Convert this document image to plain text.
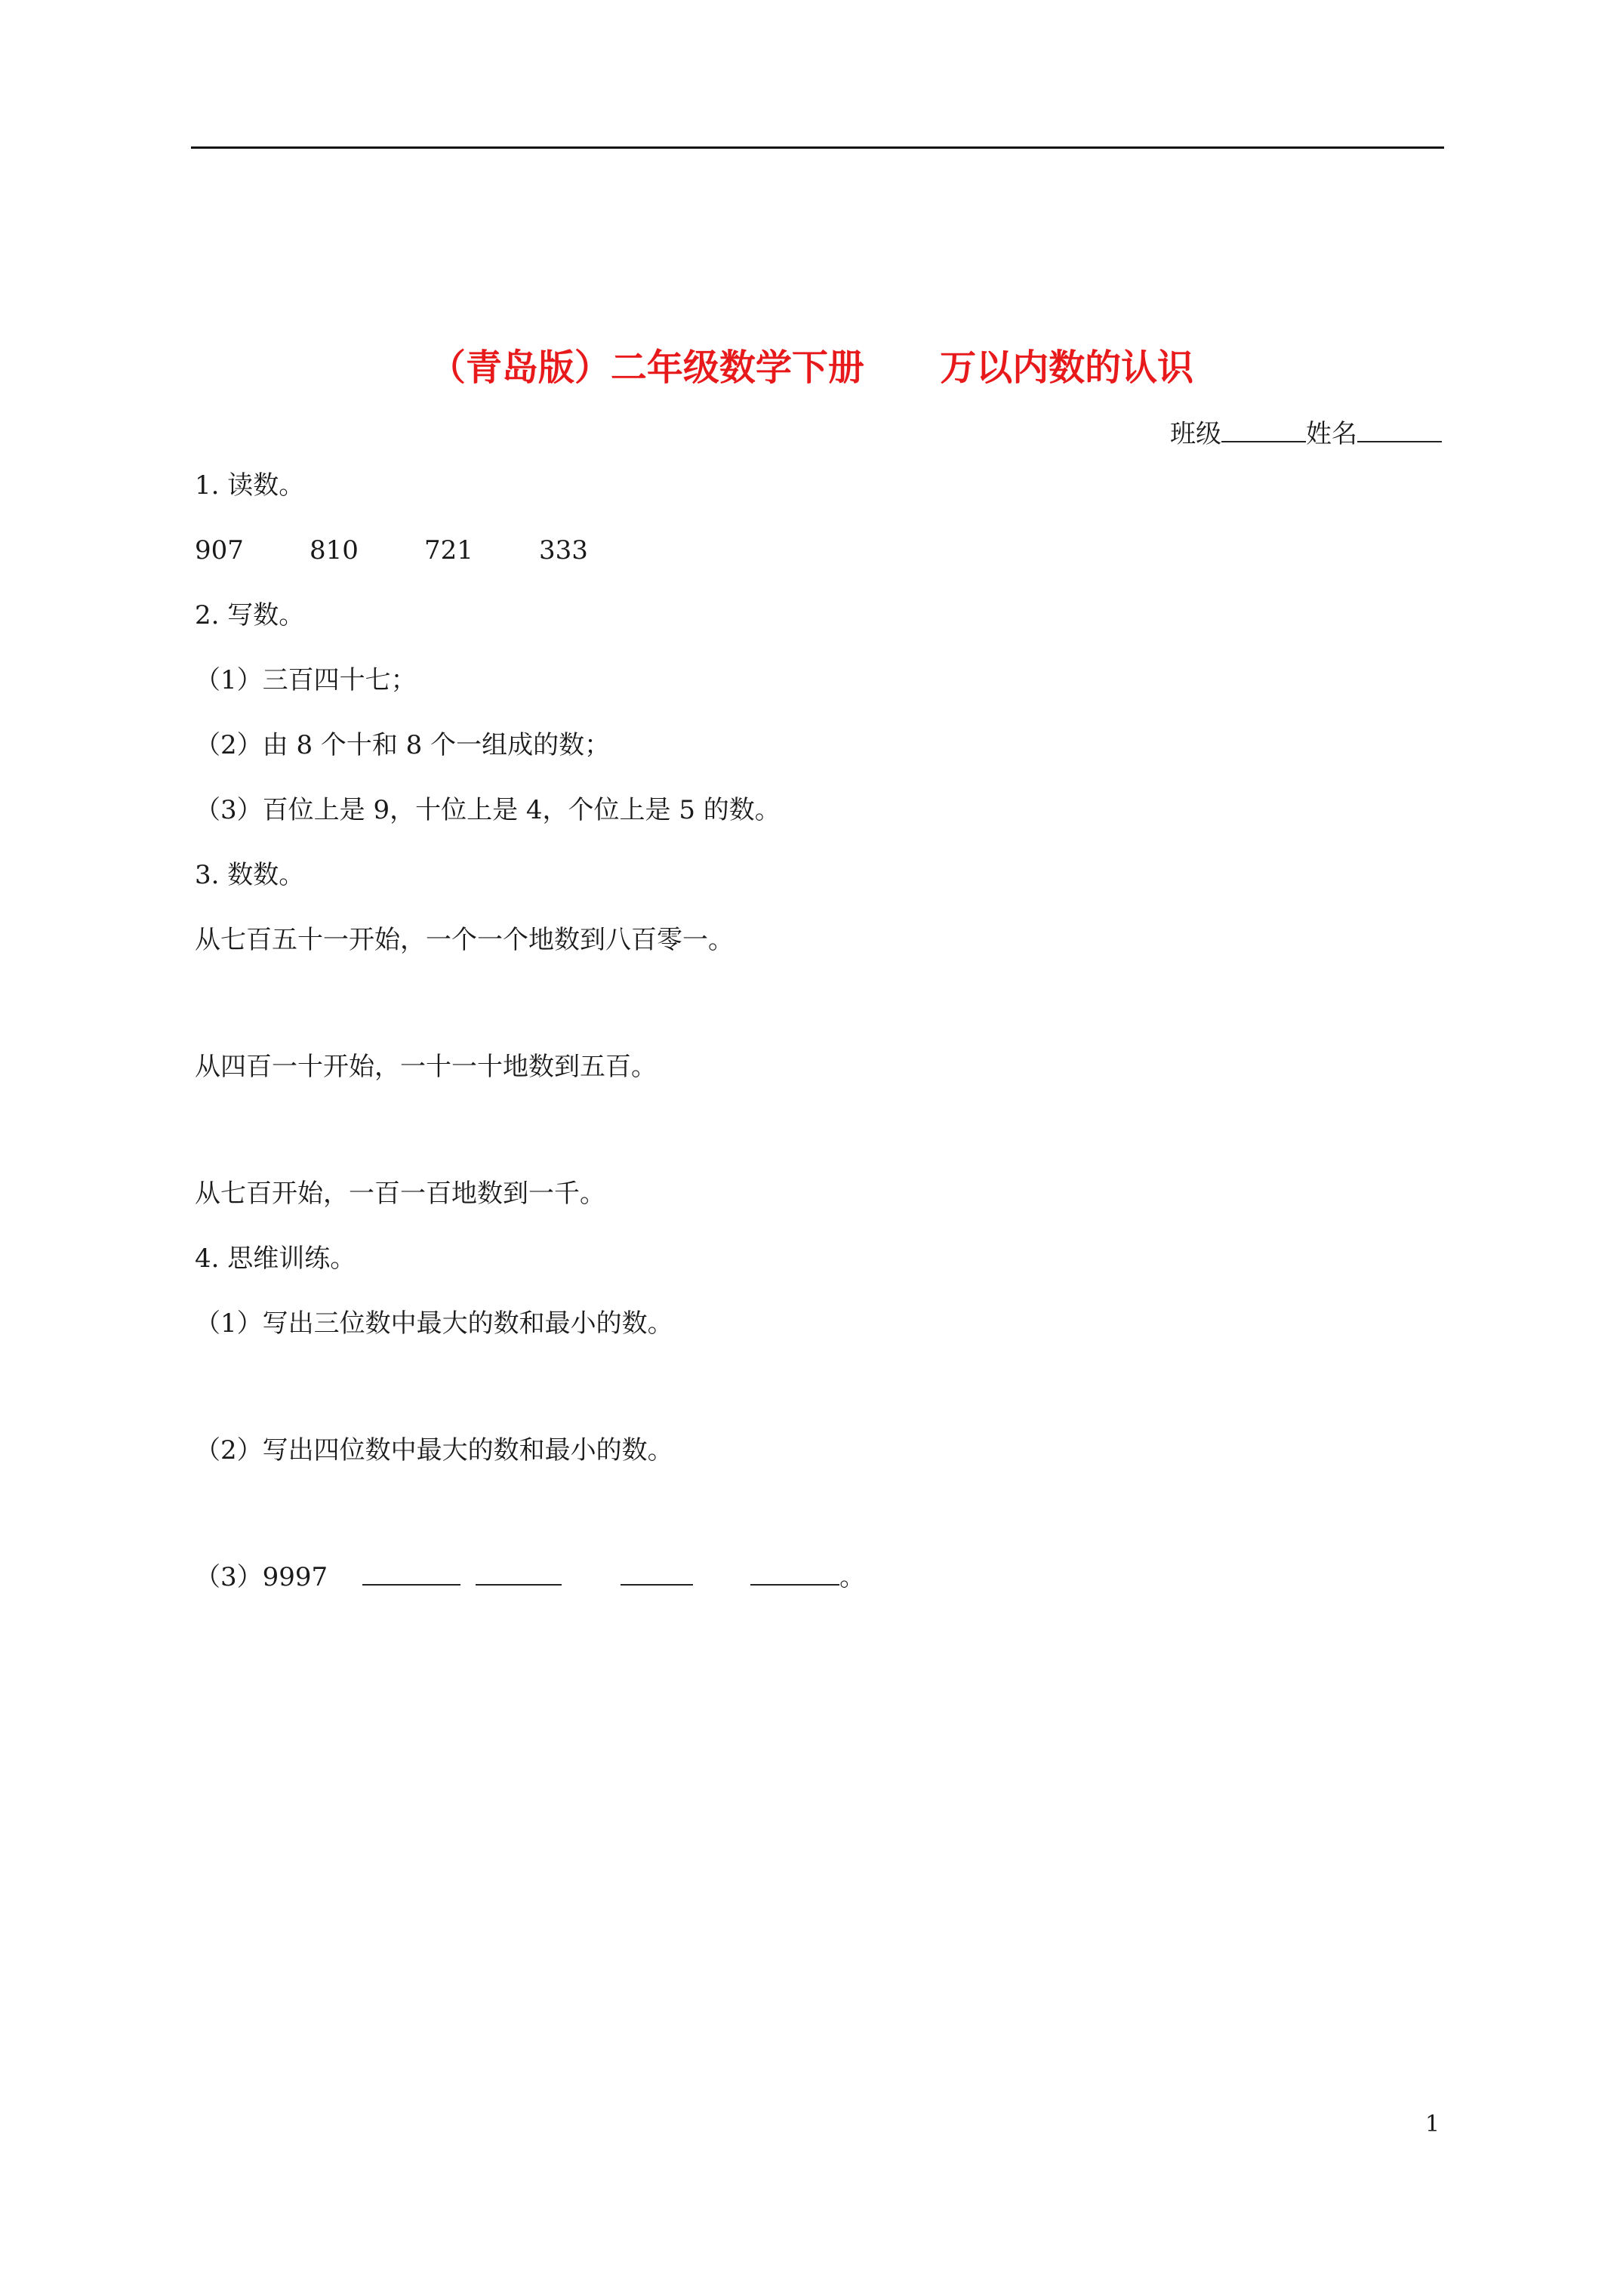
（青岛版）二年级数学下册 万以内数的认识
班级	姓名
1. 读数。
907	810	721	333
2. 写数。
（1）三百四十七；
（2）由 8 个十和 8 个一组成的数；
（3）百位上是 9，十位上是 4，个位上是 5 的数。
3. 数数。
从七百五十一开始，一个一个地数到八百零一。
从四百一十开始，一十一十地数到五百。
从七百开始，一百一百地数到一千。
4. 思维训练。
（1）写出三位数中最大的数和最小的数。
（2）写出四位数中最大的数和最小的数。
（3）9997	。
1
